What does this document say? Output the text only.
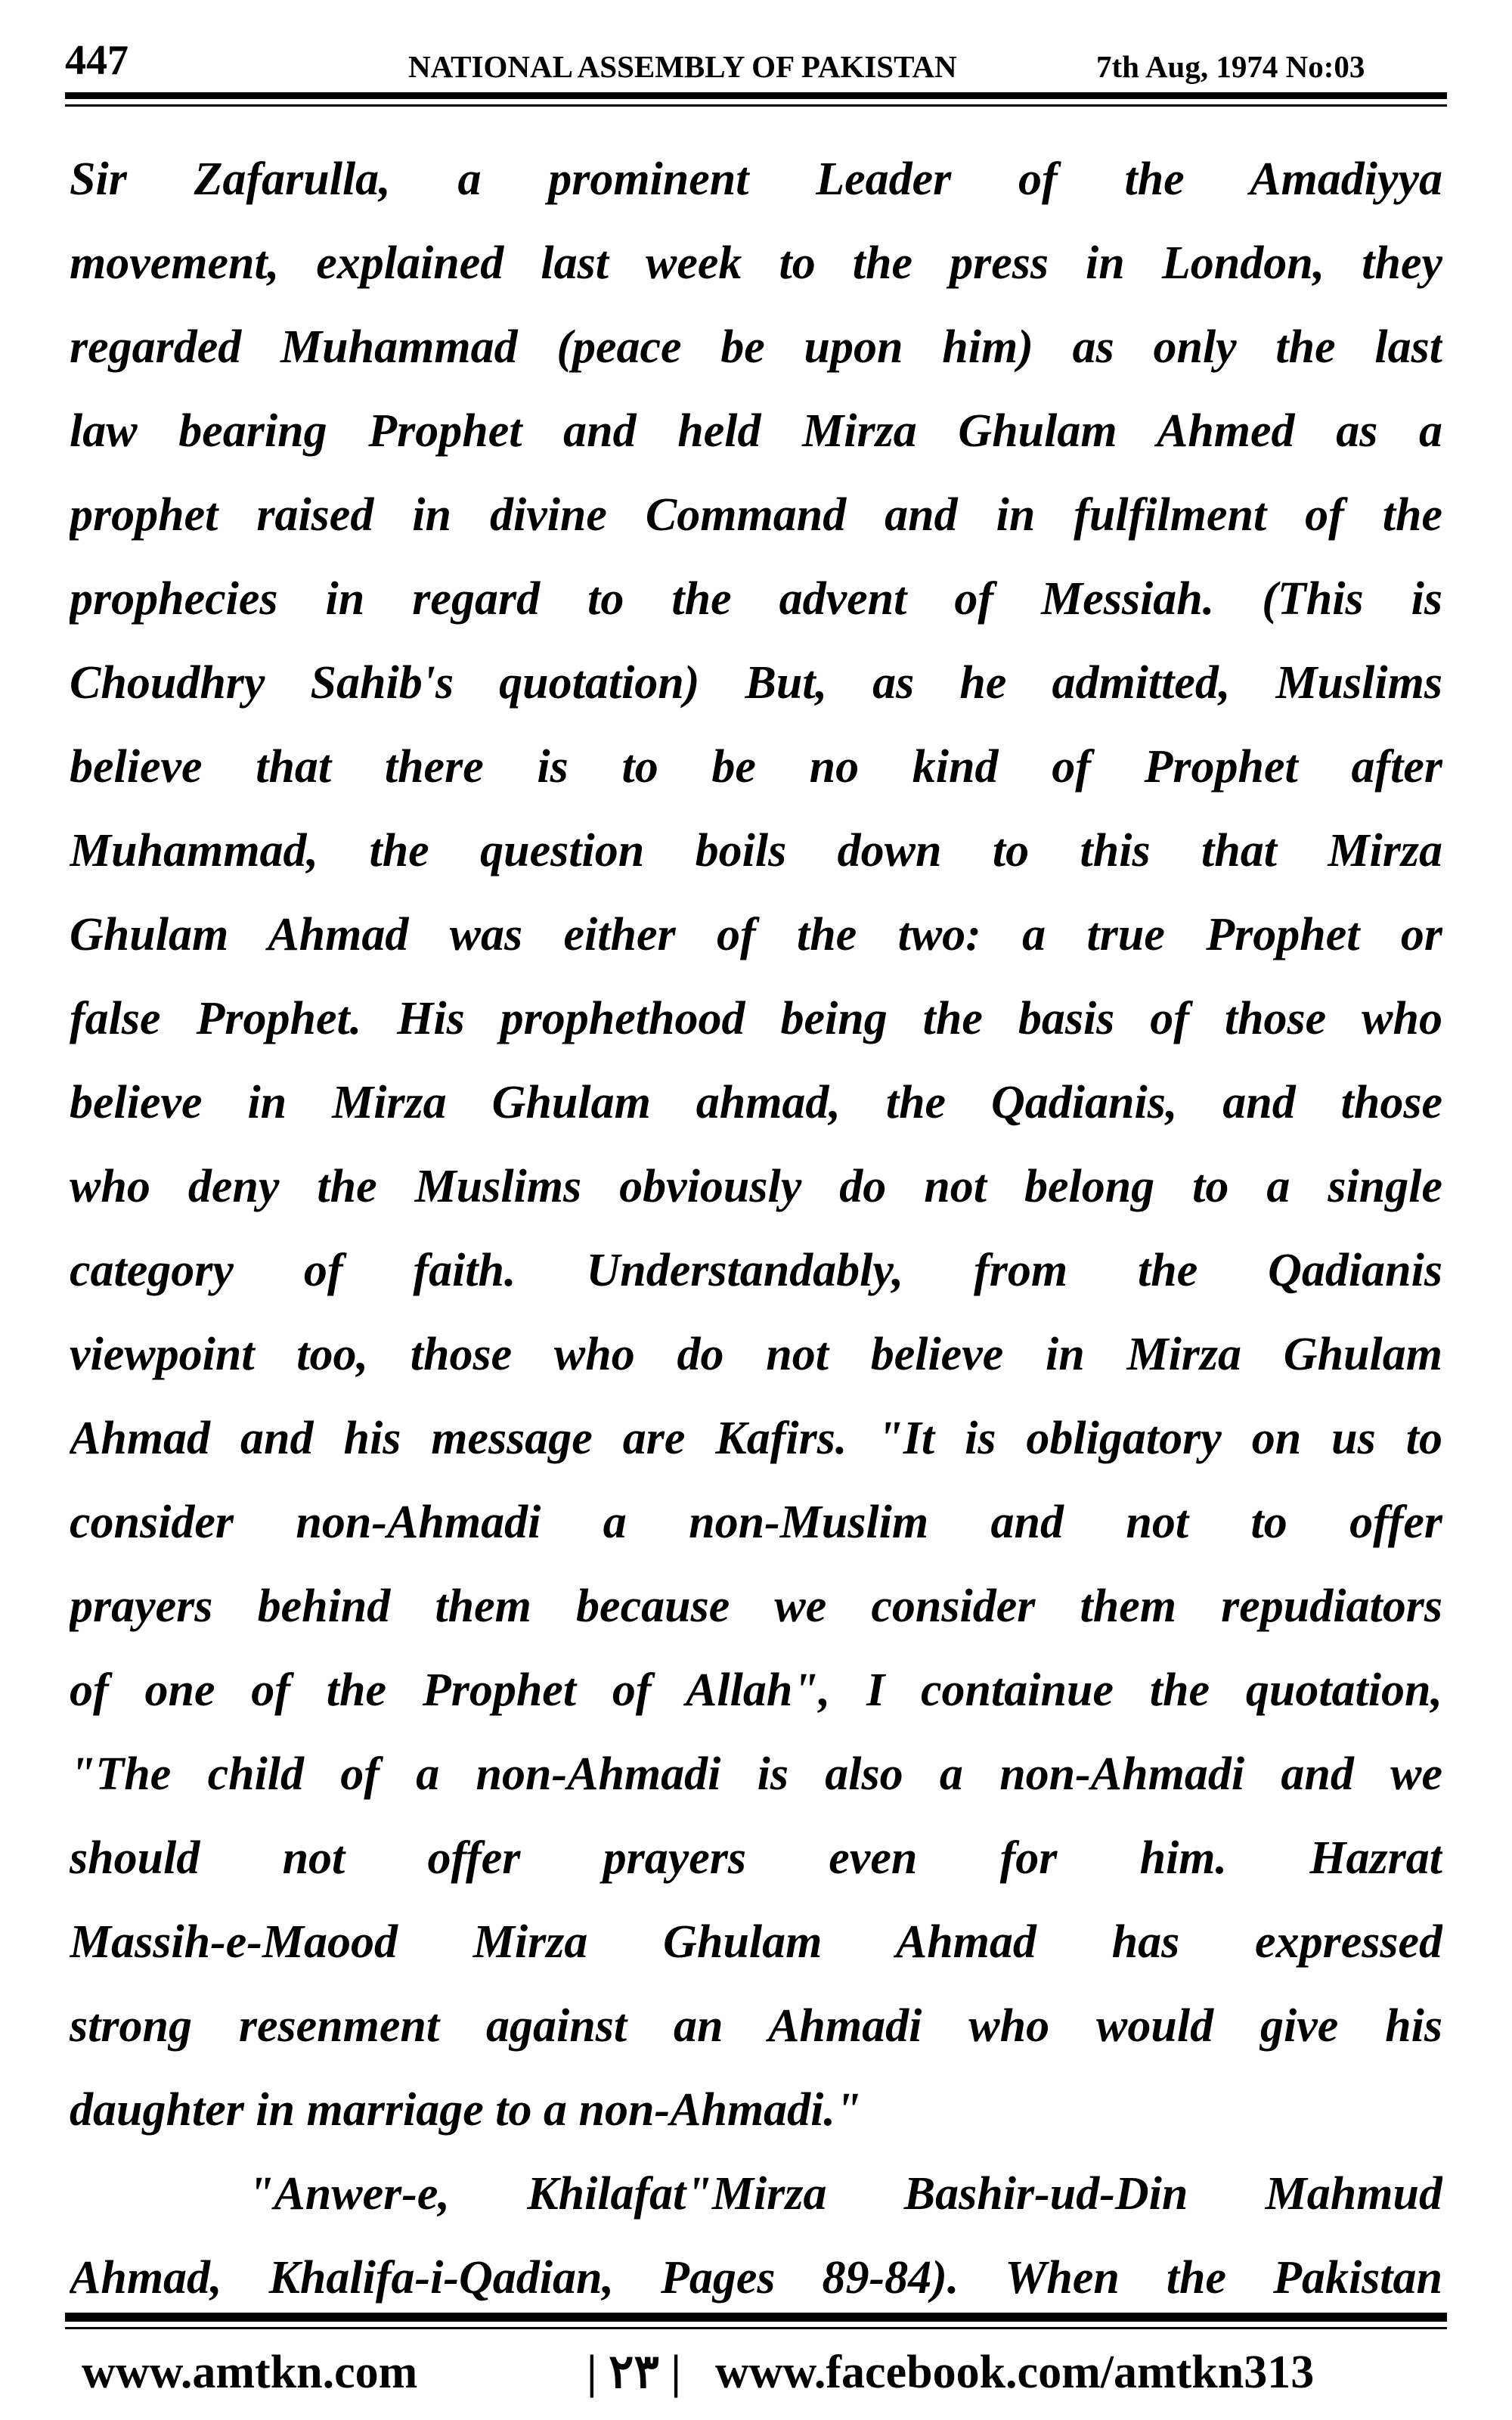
447	NATIONAL ASSEMBLY OF PAKISTAN	7th Aug, 1974 No:03
Sir Zafarulla, a prominent Leader of the Amadiyya
movement, explained last week to the press in London, they
regarded Muhammad (peace be upon him) as only the last
law bearing Prophet and held Mirza Ghulam Ahmed as a
prophet raised in divine Command and in fulfilment of the
prophecies in regard to the advent of Messiah. (This is
Choudhry Sahib's quotation) But, as he admitted, Muslims
believe that there is to be no kind of Prophet after
Muhammad, the question boils down to this that Mirza
Ghulam Ahmad was either of the two: a true Prophet or
false Prophet. His prophethood being the basis of those who
believe in Mirza Ghulam ahmad, the Qadianis, and those
who deny the Muslims obviously do not belong to a single
category of faith. Understandably, from the Qadianis
viewpoint too, those who do not believe in Mirza Ghulam
Ahmad and his message are Kafirs. "It is obligatory on us to
consider non-Ahmadi a non-Muslim and not to offer
prayers behind them because we consider them repudiators
of one of the Prophet of Allah", I containue the quotation,
"The child of a non-Ahmadi is also a non-Ahmadi and we
should not offer prayers even for him. Hazrat
Massih-e-Maood Mirza Ghulam Ahmad has expressed
strong resenment against an Ahmadi who would give his
daughter in marriage to a non-Ahmadi."
"Anwer-e, Khilafat"Mirza Bashir-ud-Din Mahmud
Ahmad, Khalifa-i-Qadian, Pages 89-84). When the Pakistan
www.amtkn.com	| ٢٣ | www.facebook.com/amtkn313
